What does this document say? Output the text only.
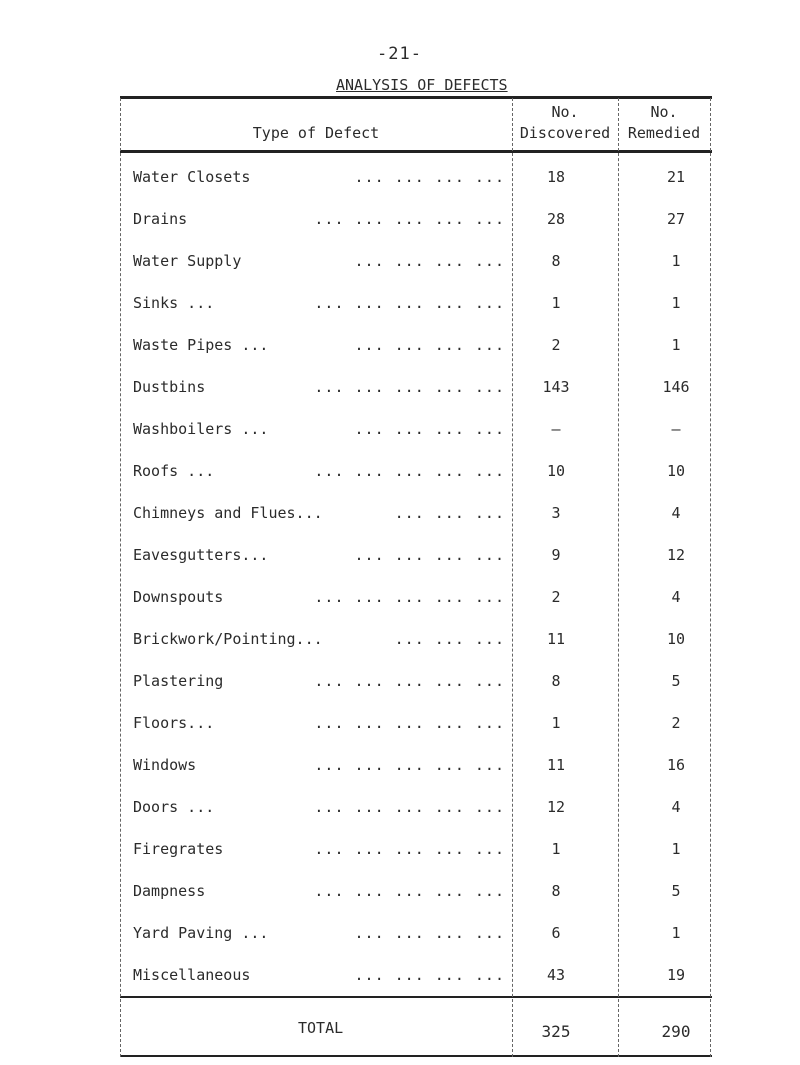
-21-
ANALYSIS OF DEFECTS
Type of Defect
No.
Discovered
No.
Remedied
Water Closets	... ... ... ...	18	21
Drains	... ... ... ... ...	28	27
Water Supply	... ... ... ...	8	1
Sinks ...	... ... ... ... ...	1	1
Waste Pipes ...	... ... ... ...	2	1
Dustbins	... ... ... ... ...	143	146
Washboilers ...	... ... ... ...	–	–
Roofs ...	... ... ... ... ...	10	10
Chimneys and Flues...	... ... ...	3	4
Eavesgutters...	... ... ... ...	9	12
Downspouts	... ... ... ... ...	2	4
Brickwork/Pointing...	... ... ...	11	10
Plastering	... ... ... ... ...	8	5
Floors...	... ... ... ... ...	1	2
Windows	... ... ... ... ...	11	16
Doors ...	... ... ... ... ...	12	4
Firegrates	... ... ... ... ...	1	1
Dampness	... ... ... ... ...	8	5
Yard Paving ...	... ... ... ...	6	1
Miscellaneous	... ... ... ...	43	19
TOTAL	325	290
